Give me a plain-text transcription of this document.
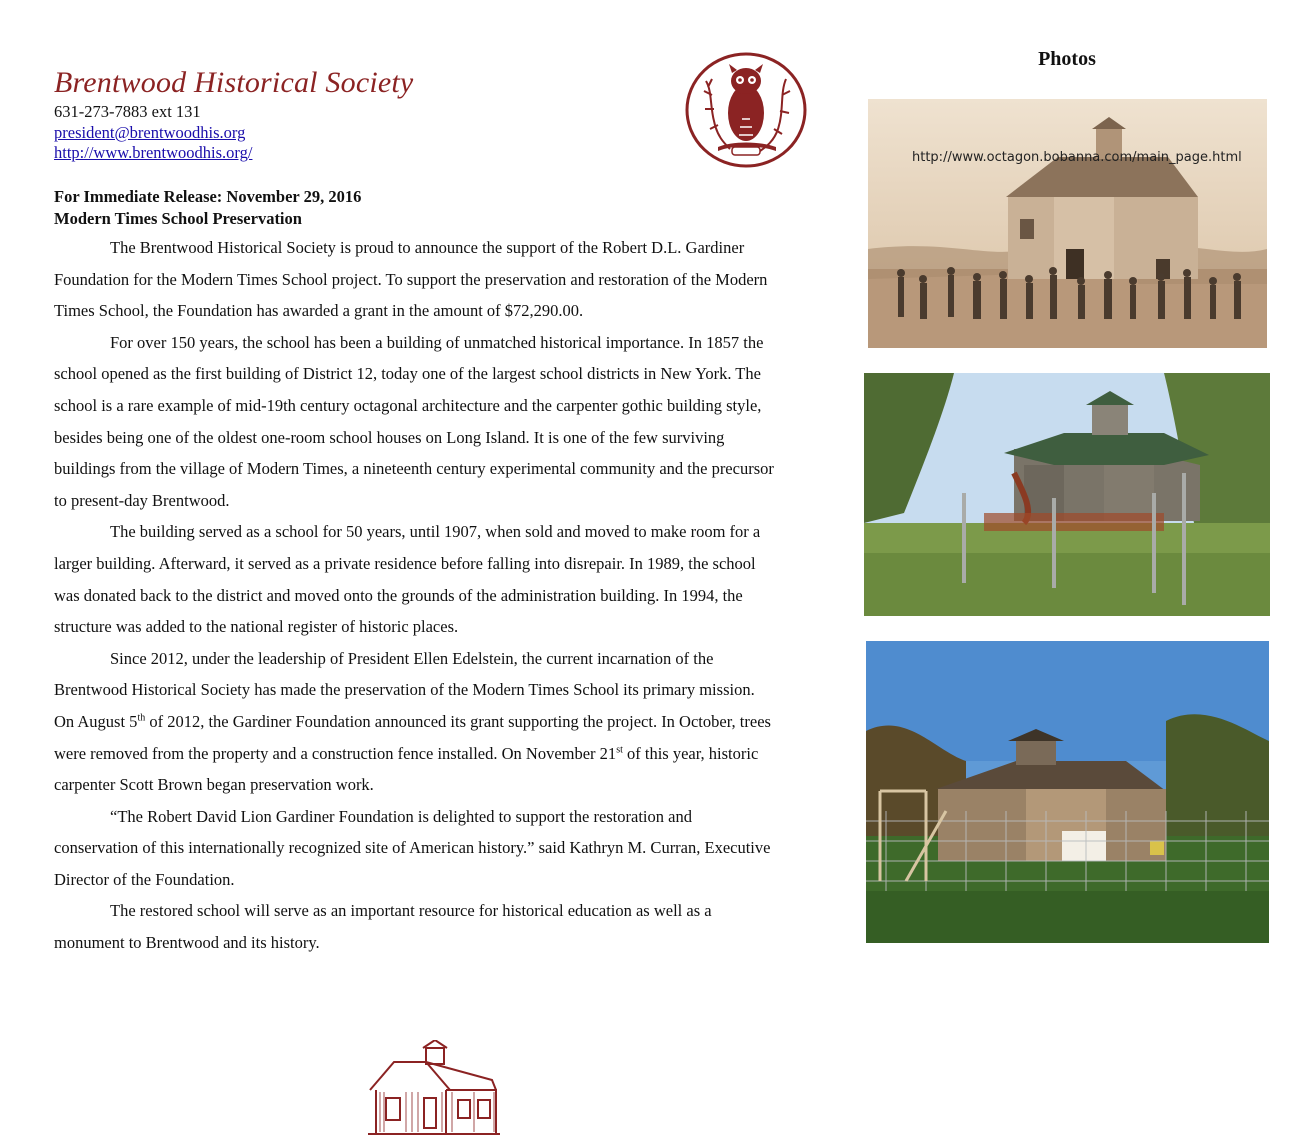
Brentwood Historical Society
631-273-7883 ext 131
president@brentwoodhis.org
http://www.brentwoodhis.org/
For Immediate Release: November 29, 2016
Modern Times School Preservation

The Brentwood Historical Society is proud to announce the support of the Robert D.L. Gardiner Foundation for the Modern Times School project. To support the preservation and restoration of the Modern Times School, the Foundation has awarded a grant in the amount of $72,290.00.

For over 150 years, the school has been a building of unmatched historical importance. In 1857 the school opened as the first building of District 12, today one of the largest school districts in New York. The school is a rare example of mid-19th century octagonal architecture and the carpenter gothic building style, besides being one of the oldest one-room school houses on Long Island. It is one of the few surviving buildings from the village of Modern Times, a nineteenth century experimental community and the precursor to present-day Brentwood.

The building served as a school for 50 years, until 1907, when sold and moved to make room for a larger building. Afterward, it served as a private residence before falling into disrepair. In 1989, the school was donated back to the district and moved onto the grounds of the administration building. In 1994, the structure was added to the national register of historic places.

Since 2012, under the leadership of President Ellen Edelstein, the current incarnation of the Brentwood Historical Society has made the preservation of the Modern Times School its primary mission. On August 5th of 2012, the Gardiner Foundation announced its grant supporting the project. In October, trees were removed from the property and a construction fence installed. On November 21st of this year, historic carpenter Scott Brown began preservation work.

“The Robert David Lion Gardiner Foundation is delighted to support the restoration and conservation of this internationally recognized site of American history.” said Kathryn M. Curran, Executive Director of the Foundation.

The restored school will serve as an important resource for historical education as well as a monument to Brentwood and its history.

Photos
http://www.octagon.bobanna.com/main_page.html
